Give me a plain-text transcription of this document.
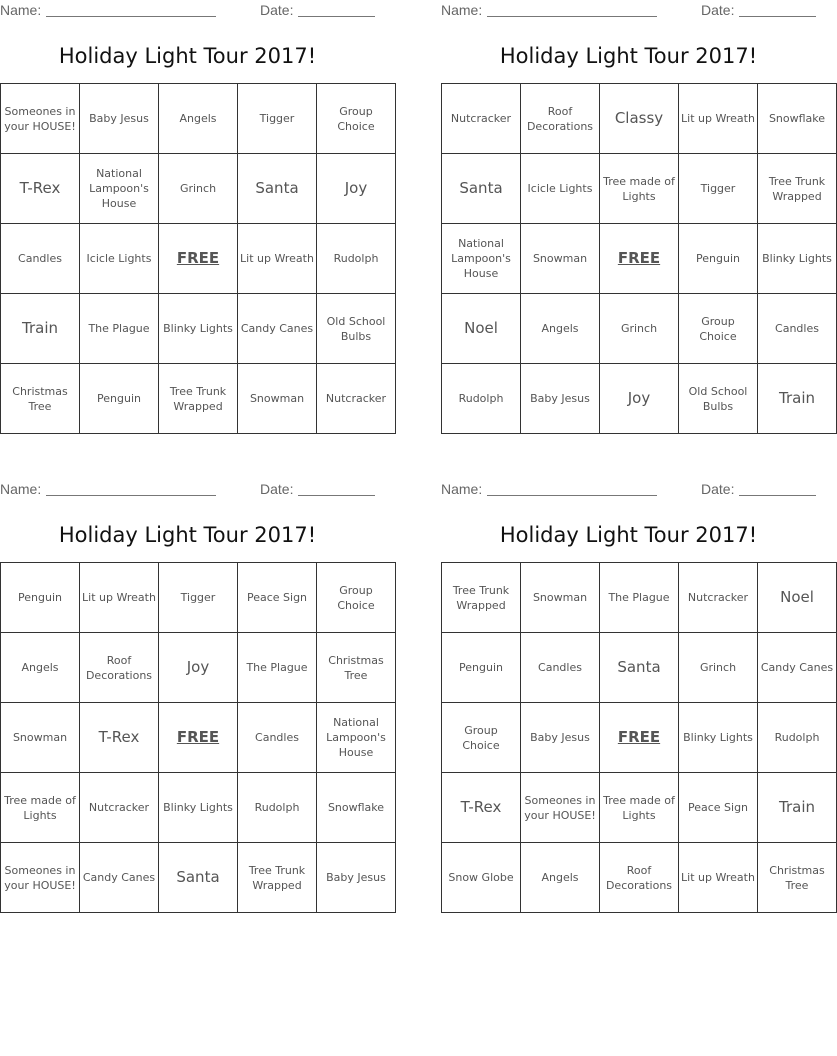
Name:	Date:
Holiday Light Tour 2017!
Someones in your HOUSE!	Baby Jesus	Angels	Tigger	Group Choice
T-Rex	National Lampoon's House	Grinch	Santa	Joy
Candles	Icicle Lights	FREE	Lit up Wreath	Rudolph
Train	The Plague	Blinky Lights	Candy Canes	Old School Bulbs
Christmas Tree	Penguin	Tree Trunk Wrapped	Snowman	Nutcracker
Name:	Date:
Holiday Light Tour 2017!
Nutcracker	Roof Decorations	Classy	Lit up Wreath	Snowflake
Santa	Icicle Lights	Tree made of Lights	Tigger	Tree Trunk Wrapped
National Lampoon's House	Snowman	FREE	Penguin	Blinky Lights
Noel	Angels	Grinch	Group Choice	Candles
Rudolph	Baby Jesus	Joy	Old School Bulbs	Train
Name:	Date:
Holiday Light Tour 2017!
Penguin	Lit up Wreath	Tigger	Peace Sign	Group Choice
Angels	Roof Decorations	Joy	The Plague	Christmas Tree
Snowman	T-Rex	FREE	Candles	National Lampoon's House
Tree made of Lights	Nutcracker	Blinky Lights	Rudolph	Snowflake
Someones in your HOUSE!	Candy Canes	Santa	Tree Trunk Wrapped	Baby Jesus
Name:	Date:
Holiday Light Tour 2017!
Tree Trunk Wrapped	Snowman	The Plague	Nutcracker	Noel
Penguin	Candles	Santa	Grinch	Candy Canes
Group Choice	Baby Jesus	FREE	Blinky Lights	Rudolph
T-Rex	Someones in your HOUSE!	Tree made of Lights	Peace Sign	Train
Snow Globe	Angels	Roof Decorations	Lit up Wreath	Christmas Tree
